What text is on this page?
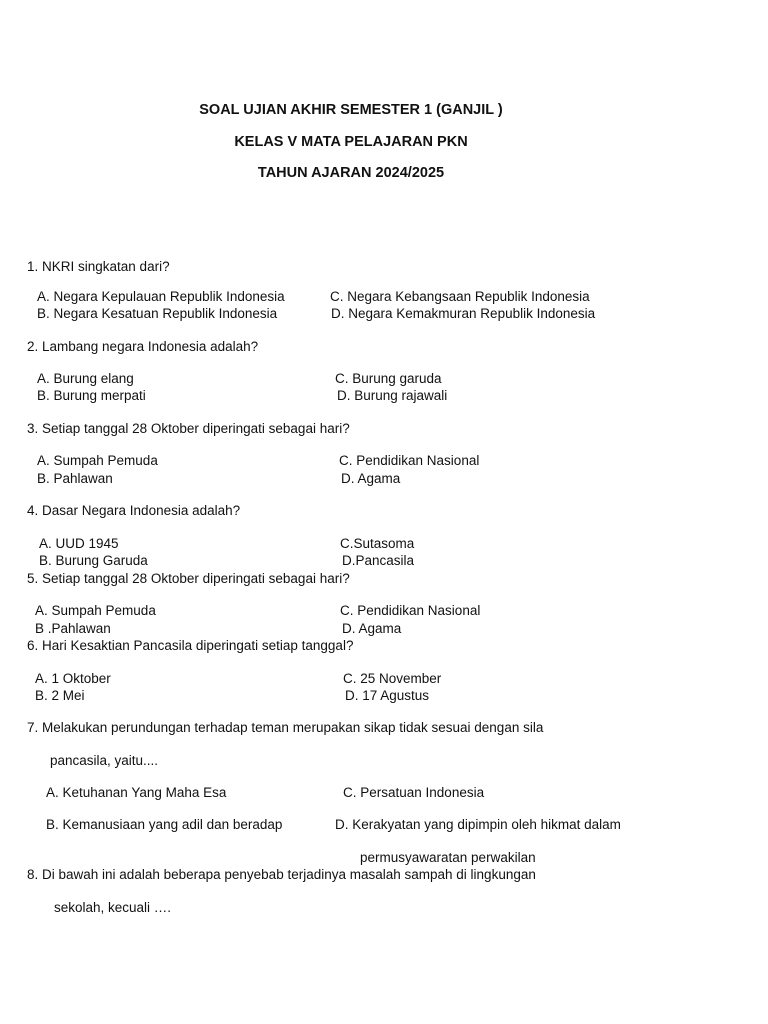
SOAL UJIAN AKHIR SEMESTER 1 (GANJIL )
KELAS V MATA PELAJARAN PKN
TAHUN AJARAN 2024/2025
1. NKRI singkatan dari?
A. Negara Kepulauan Republik Indonesia	C. Negara Kebangsaan Republik Indonesia
B. Negara Kesatuan Republik Indonesia	D. Negara Kemakmuran Republik Indonesia
2. Lambang negara Indonesia adalah?
A. Burung elang	C. Burung garuda
B. Burung merpati	D. Burung rajawali
3. Setiap tanggal 28 Oktober diperingati sebagai hari?
A. Sumpah Pemuda	C. Pendidikan Nasional
B. Pahlawan	D. Agama
4. Dasar Negara Indonesia adalah?
A. UUD 1945	C.Sutasoma
B. Burung Garuda	D.Pancasila
5. Setiap tanggal 28 Oktober diperingati sebagai hari?
A. Sumpah Pemuda	C. Pendidikan Nasional
B .Pahlawan	D. Agama
6. Hari Kesaktian Pancasila diperingati setiap tanggal?
A. 1 Oktober	C. 25 November
B. 2 Mei	D. 17 Agustus
7. Melakukan perundungan terhadap teman merupakan sikap tidak sesuai dengan sila
pancasila, yaitu....
A. Ketuhanan Yang Maha Esa	C. Persatuan Indonesia
B. Kemanusiaan yang adil dan beradap	D. Kerakyatan yang dipimpin oleh hikmat dalam
permusyawaratan perwakilan
8. Di bawah ini adalah beberapa penyebab terjadinya masalah sampah di lingkungan
sekolah, kecuali ….
